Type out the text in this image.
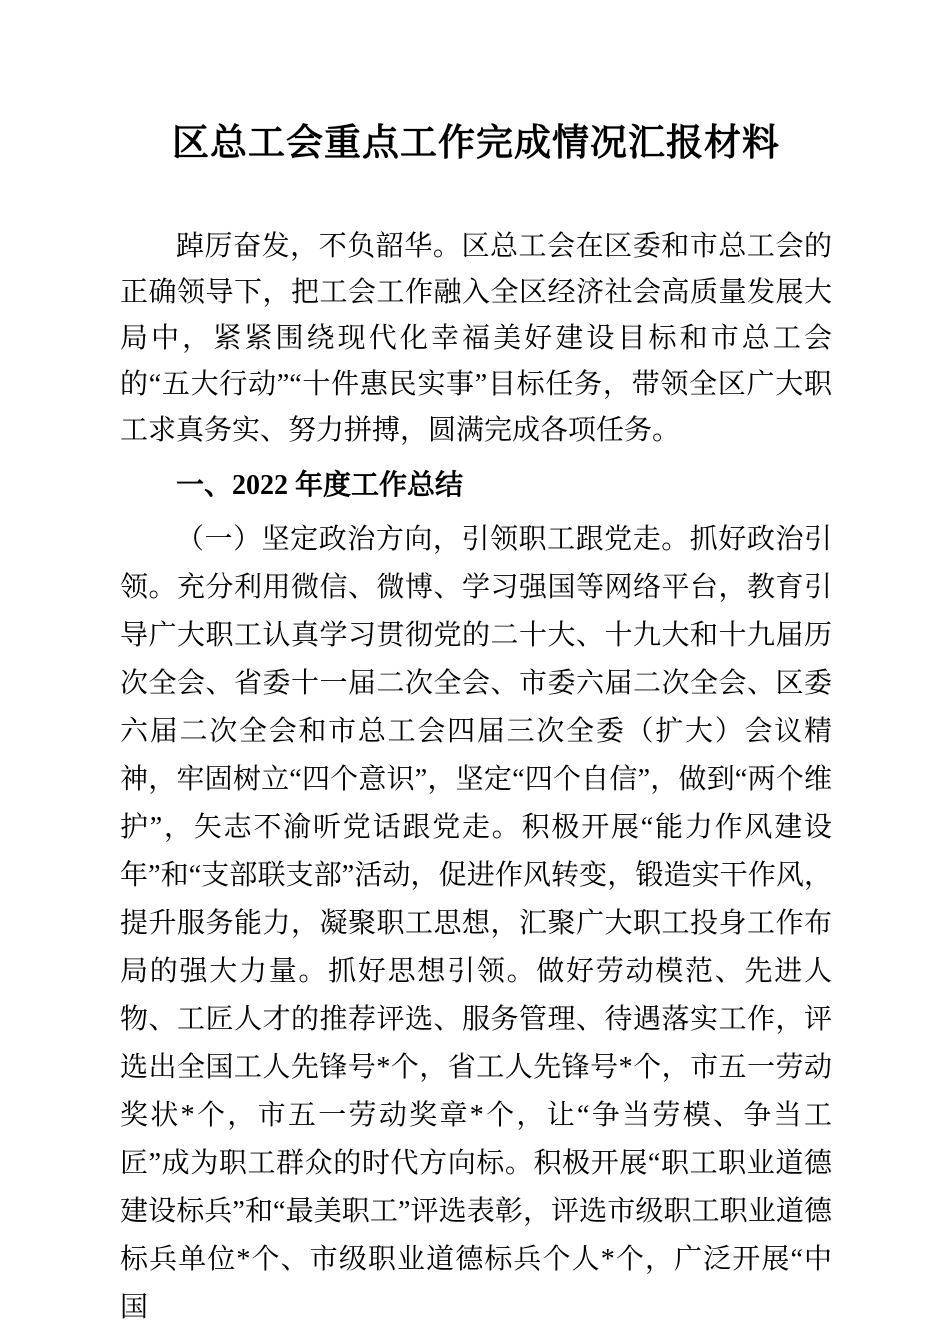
区总工会重点工作完成情况汇报材料

踔厉奋发，不负韶华。区总工会在区委和市总工会的正确领导下，把工会工作融入全区经济社会高质量发展大局中，紧紧围绕现代化幸福美好建设目标和市总工会的“五大行动”“十件惠民实事”目标任务，带领全区广大职工求真务实、努力拼搏，圆满完成各项任务。

一、2022 年度工作总结

（一）坚定政治方向，引领职工跟党走。抓好政治引领。充分利用微信、微博、学习强国等网络平台，教育引导广大职工认真学习贯彻党的二十大、十九大和十九届历次全会、省委十一届二次全会、市委六届二次全会、区委六届二次全会和市总工会四届三次全委（扩大）会议精神，牢固树立“四个意识”，坚定“四个自信”，做到“两个维护”，矢志不渝听党话跟党走。积极开展“能力作风建设年”和“支部联支部”活动，促进作风转变，锻造实干作风，提升服务能力，凝聚职工思想，汇聚广大职工投身工作布局的强大力量。抓好思想引领。做好劳动模范、先进人物、工匠人才的推荐评选、服务管理、待遇落实工作，评选出全国工人先锋号*个，省工人先锋号*个，市五一劳动奖状*个，市五一劳动奖章*个，让“争当劳模、争当工匠”成为职工群众的时代方向标。积极开展“职工职业道德建设标兵”和“最美职工”评选表彰，评选市级职工职业道德标兵单位*个、市级职业道德标兵个人*个，广泛开展“中国
